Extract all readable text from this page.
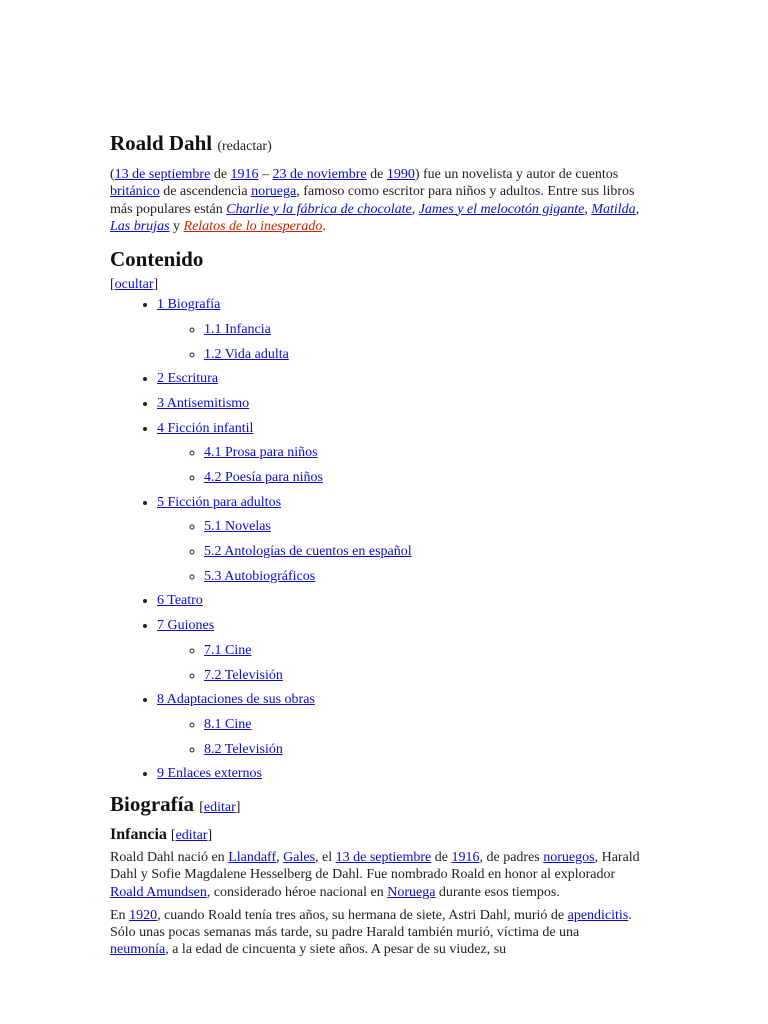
Roald Dahl (redactar)

(13 de septiembre de 1916 – 23 de noviembre de 1990) fue un novelista y autor de cuentos británico de ascendencia noruega, famoso como escritor para niños y adultos. Entre sus libros más populares están Charlie y la fábrica de chocolate, James y el melocotón gigante, Matilda, Las brujas y Relatos de lo inesperado.

Contenido
[ocultar]
• 1 Biografía
◦ 1.1 Infancia
◦ 1.2 Vida adulta
• 2 Escritura
• 3 Antisemitismo
• 4 Ficción infantil
◦ 4.1 Prosa para niños
◦ 4.2 Poesía para niños
• 5 Ficción para adultos
◦ 5.1 Novelas
◦ 5.2 Antologías de cuentos en español
◦ 5.3 Autobiográficos
• 6 Teatro
• 7 Guiones
◦ 7.1 Cine
◦ 7.2 Televisión
• 8 Adaptaciones de sus obras
◦ 8.1 Cine
◦ 8.2 Televisión
• 9 Enlaces externos
Biografía [editar]
Infancia [editar]

Roald Dahl nació en Llandaff, Gales, el 13 de septiembre de 1916, de padres noruegos, Harald Dahl y Sofie Magdalene Hesselberg de Dahl. Fue nombrado Roald en honor al explorador Roald Amundsen, considerado héroe nacional en Noruega durante esos tiempos.

En 1920, cuando Roald tenía tres años, su hermana de siete, Astri Dahl, murió de apendicitis. Sólo unas pocas semanas más tarde, su padre Harald también murió, víctima de una neumonía, a la edad de cincuenta y siete años. A pesar de su viudez, su
